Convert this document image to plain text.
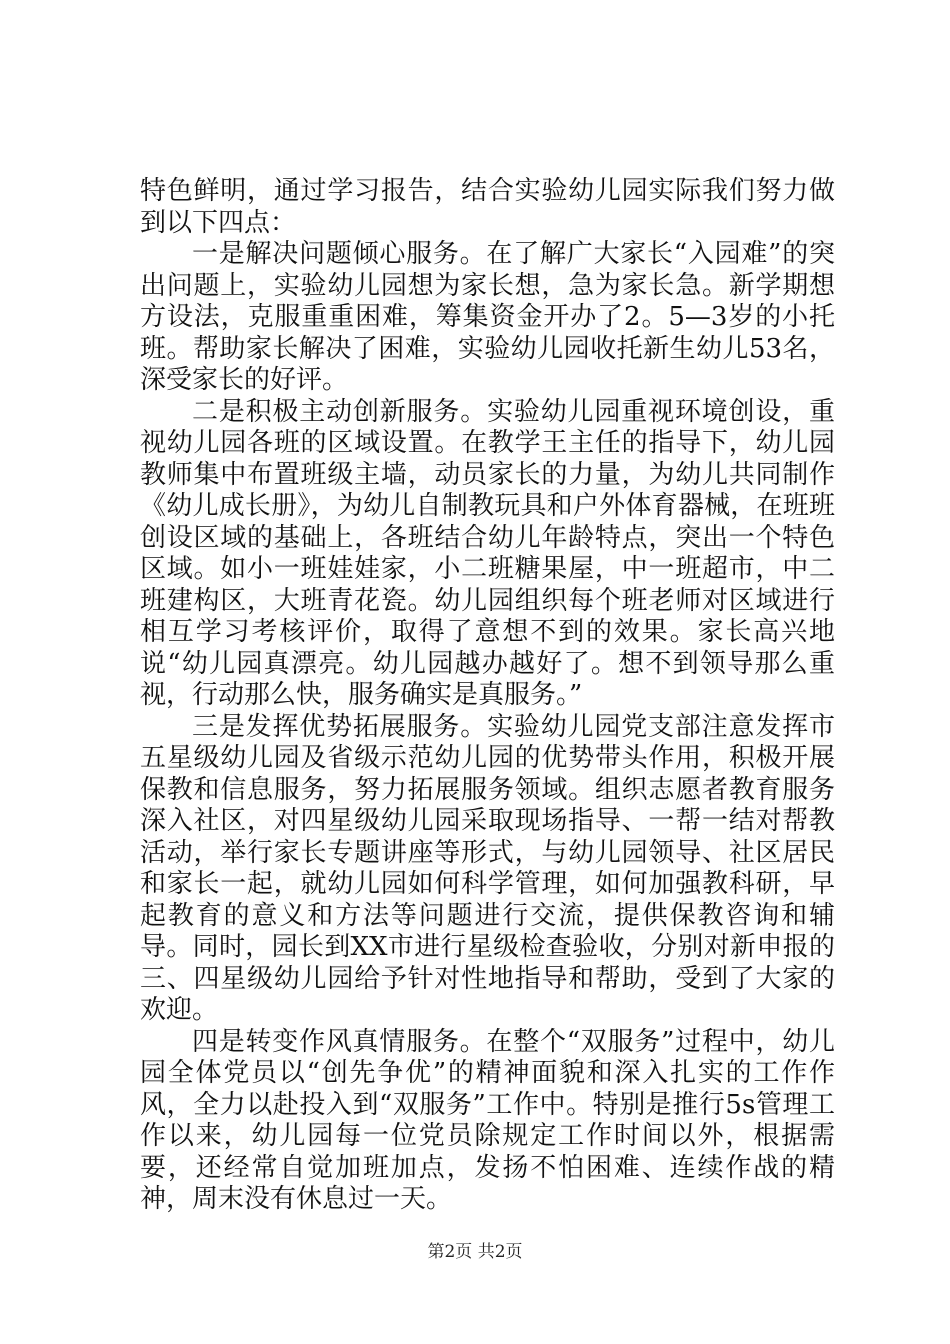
特色鲜明，通过学习报告，结合实验幼儿园实际我们努力做到以下四点：

一是解决问题倾心服务。在了解广大家长“入园难”的突出问题上，实验幼儿园想为家长想，急为家长急。新学期想方设法，克服重重困难，筹集资金开办了2。5—3岁的小托班。帮助家长解决了困难，实验幼儿园收托新生幼儿53名，深受家长的好评。

二是积极主动创新服务。实验幼儿园重视环境创设，重视幼儿园各班的区域设置。在教学王主任的指导下，幼儿园教师集中布置班级主墙，动员家长的力量，为幼儿共同制作《幼儿成长册》，为幼儿自制教玩具和户外体育器械，在班班创设区域的基础上，各班结合幼儿年龄特点，突出一个特色区域。如小一班娃娃家，小二班糖果屋，中一班超市，中二班建构区，大班青花瓷。幼儿园组织每个班老师对区域进行相互学习考核评价，取得了意想不到的效果。家长高兴地说“幼儿园真漂亮。幼儿园越办越好了。想不到领导那么重视，行动那么快，服务确实是真服务。”

三是发挥优势拓展服务。实验幼儿园党支部注意发挥市五星级幼儿园及省级示范幼儿园的优势带头作用，积极开展保教和信息服务，努力拓展服务领域。组织志愿者教育服务深入社区，对四星级幼儿园采取现场指导、一帮一结对帮教活动，举行家长专题讲座等形式，与幼儿园领导、社区居民和家长一起，就幼儿园如何科学管理，如何加强教科研，早起教育的意义和方法等问题进行交流，提供保教咨询和辅导。同时，园长到XX市进行星级检查验收，分别对新申报的三、四星级幼儿园给予针对性地指导和帮助，受到了大家的欢迎。

四是转变作风真情服务。在整个“双服务”过程中，幼儿园全体党员以“创先争优”的精神面貌和深入扎实的工作作风，全力以赴投入到“双服务”工作中。特别是推行5s管理工作以来，幼儿园每一位党员除规定工作时间以外，根据需要，还经常自觉加班加点，发扬不怕困难、连续作战的精神，周末没有休息过一天。

第2页 共2页
